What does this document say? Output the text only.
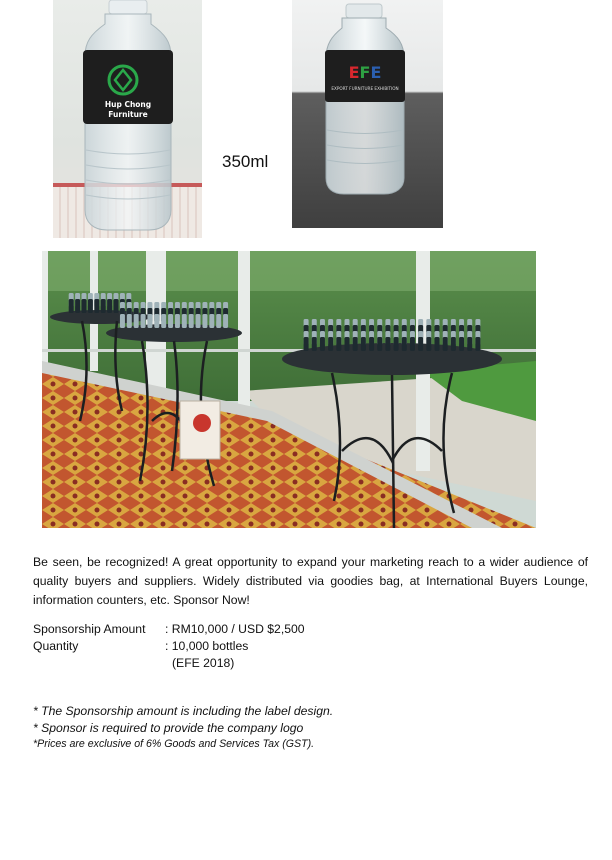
Hup Chong
Furniture
EFE
EXPORT FURNITURE EXHIBITION
350ml
Be seen, be recognized! A great opportunity to expand your marketing reach to a wider audience of quality buyers and suppliers. Widely distributed via goodies bag, at International Buyers Lounge, information counters, etc. Sponsor Now!
Sponsorship Amount : RM10,000 / USD $2,500
Quantity	: 10,000 bottles
(EFE 2018)
* The Sponsorship amount is including the label design.
* Sponsor is required to provide the company logo
*Prices are exclusive of 6% Goods and Services Tax (GST).
